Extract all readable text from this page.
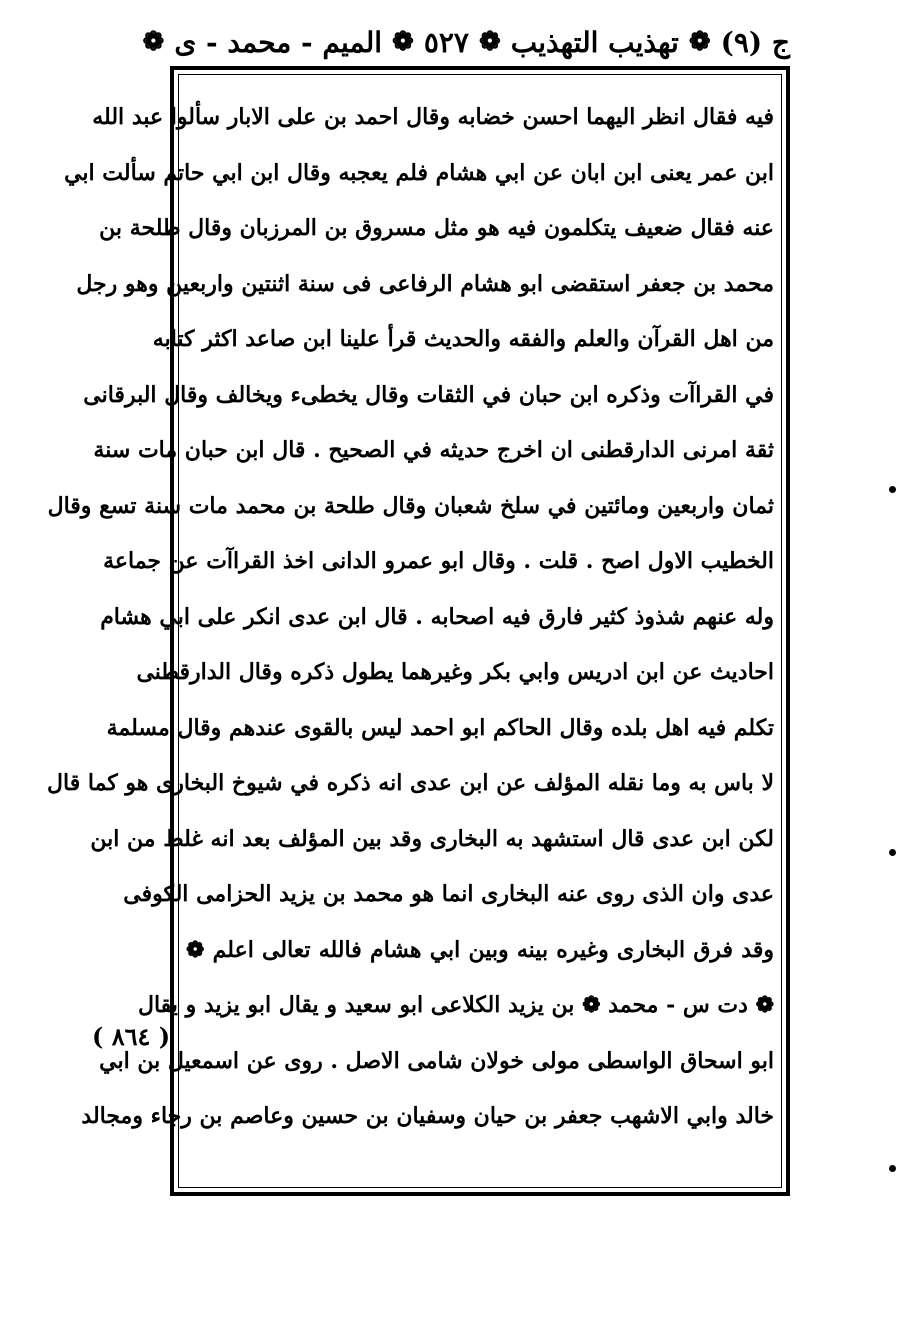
ج (٩)
❁
تهذيب التهذيب
❁
٥٢٧
❁
الميم - محمد - ى
❁
فيه فقال انظر اليهما احسن خضابه وقال احمد بن على الابار سألوا عبد الله
ابن عمر يعنى ابن ابان عن ابي هشام فلم يعجبه وقال ابن ابي حاتم سألت ابي
عنه فقال ضعيف يتكلمون فيه هو مثل مسروق بن المرزبان وقال طلحة بن
محمد بن جعفر استقضى ابو هشام الرفاعى فى سنة اثنتين واربعين وهو رجل
من اهل القرآن والعلم والفقه والحديث قرأ علينا ابن صاعد اكثر كتابه
في القراآت وذكره ابن حبان في الثقات وقال يخطىء ويخالف وقال البرقانى
ثقة امرنى الدارقطنى ان اخرج حديثه في الصحيح . قال ابن حبان مات سنة
ثمان واربعين ومائتين في سلخ شعبان وقال طلحة بن محمد مات سنة تسع وقال
الخطيب الاول اصح . قلت . وقال ابو عمرو الدانى اخذ القراآت عن جماعة
وله عنهم شذوذ كثير فارق فيه اصحابه . قال ابن عدى انكر على ابي هشام
احاديث عن ابن ادريس وابي بكر وغيرهما يطول ذكره وقال الدارقطنى
تكلم فيه اهل بلده وقال الحاكم ابو احمد ليس بالقوى عندهم وقال مسلمة
لا باس به وما نقله المؤلف عن ابن عدى انه ذكره في شيوخ البخارى هو كما قال
لكن ابن عدى قال استشهد به البخارى وقد بين المؤلف بعد انه غلط من ابن
عدى وان الذى روى عنه البخارى انما هو محمد بن يزيد الحزامى الكوفى
وقد فرق البخارى وغيره بينه وبين ابي هشام فالله تعالى اعلم ❁
❁ دت س - محمد ❁ بن يزيد الكلاعى ابو سعيد و يقال ابو يزيد و يقال
ابو اسحاق الواسطى مولى خولان شامى الاصل . روى عن اسمعيل بن ابي
خالد وابي الاشهب جعفر بن حيان وسفيان بن حسين وعاصم بن رجاء ومجالد
( ٨٦٤ )
